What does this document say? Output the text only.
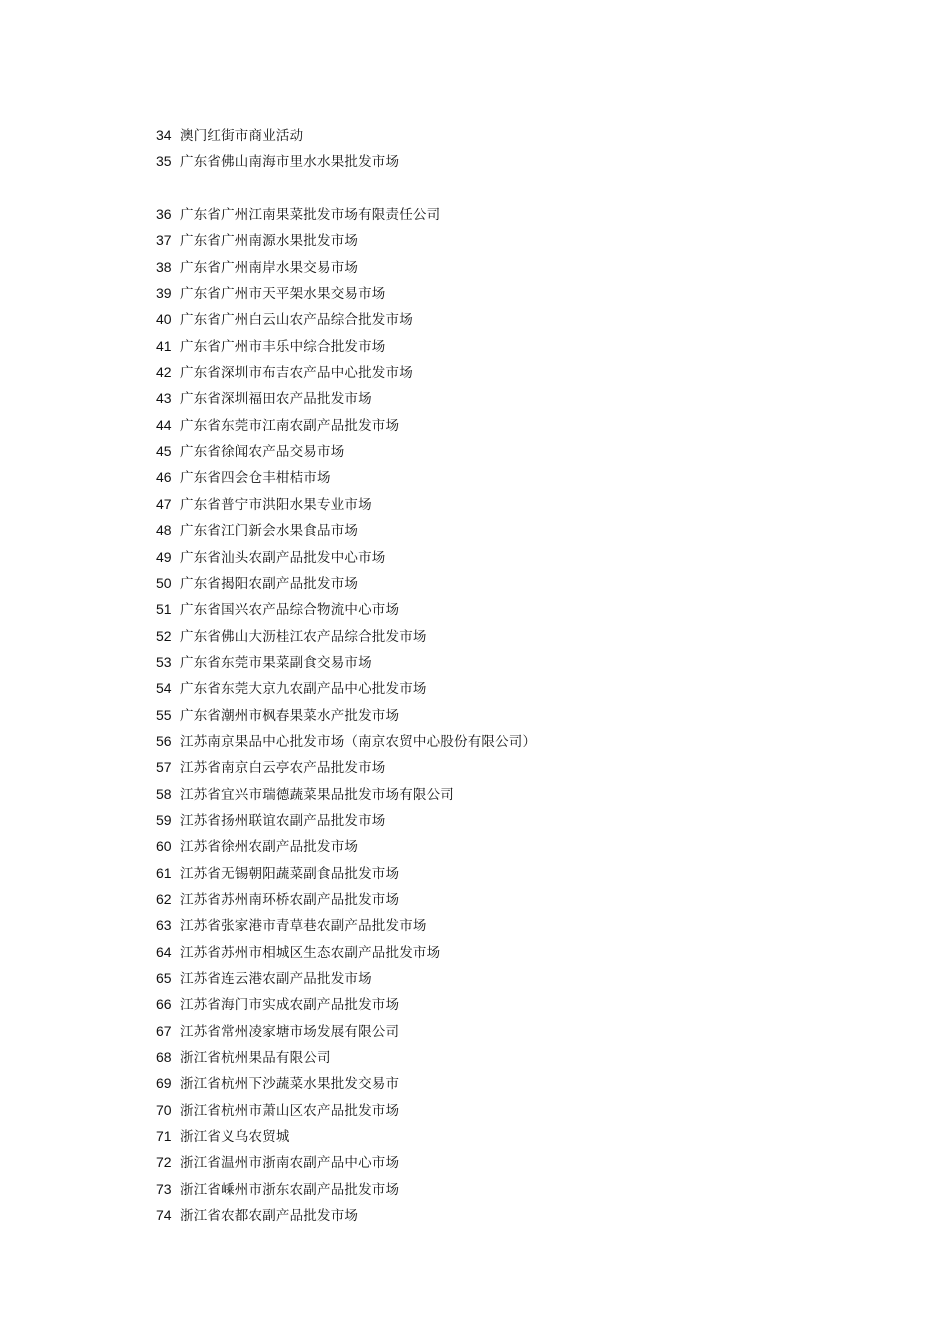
34 澳门红街市商业活动
35 广东省佛山南海市里水水果批发市场
36 广东省广州江南果菜批发市场有限责任公司
37 广东省广州南源水果批发市场
38 广东省广州南岸水果交易市场
39 广东省广州市天平架水果交易市场
40 广东省广州白云山农产品综合批发市场
41 广东省广州市丰乐中综合批发市场
42 广东省深圳市布吉农产品中心批发市场
43 广东省深圳福田农产品批发市场
44 广东省东莞市江南农副产品批发市场
45 广东省徐闻农产品交易市场
46 广东省四会仓丰柑桔市场
47 广东省普宁市洪阳水果专业市场
48 广东省江门新会水果食品市场
49 广东省汕头农副产品批发中心市场
50 广东省揭阳农副产品批发市场
51 广东省国兴农产品综合物流中心市场
52 广东省佛山大沥桂江农产品综合批发市场
53 广东省东莞市果菜副食交易市场
54 广东省东莞大京九农副产品中心批发市场
55 广东省潮州市枫春果菜水产批发市场
56 江苏南京果品中心批发市场（南京农贸中心股份有限公司）
57 江苏省南京白云亭农产品批发市场
58 江苏省宜兴市瑞德蔬菜果品批发市场有限公司
59 江苏省扬州联谊农副产品批发市场
60 江苏省徐州农副产品批发市场
61 江苏省无锡朝阳蔬菜副食品批发市场
62 江苏省苏州南环桥农副产品批发市场
63 江苏省张家港市青草巷农副产品批发市场
64 江苏省苏州市相城区生态农副产品批发市场
65 江苏省连云港农副产品批发市场
66 江苏省海门市实成农副产品批发市场
67 江苏省常州凌家塘市场发展有限公司
68 浙江省杭州果品有限公司
69 浙江省杭州下沙蔬菜水果批发交易市
70 浙江省杭州市萧山区农产品批发市场
71 浙江省义乌农贸城
72 浙江省温州市浙南农副产品中心市场
73 浙江省嵊州市浙东农副产品批发市场
74 浙江省农都农副产品批发市场
